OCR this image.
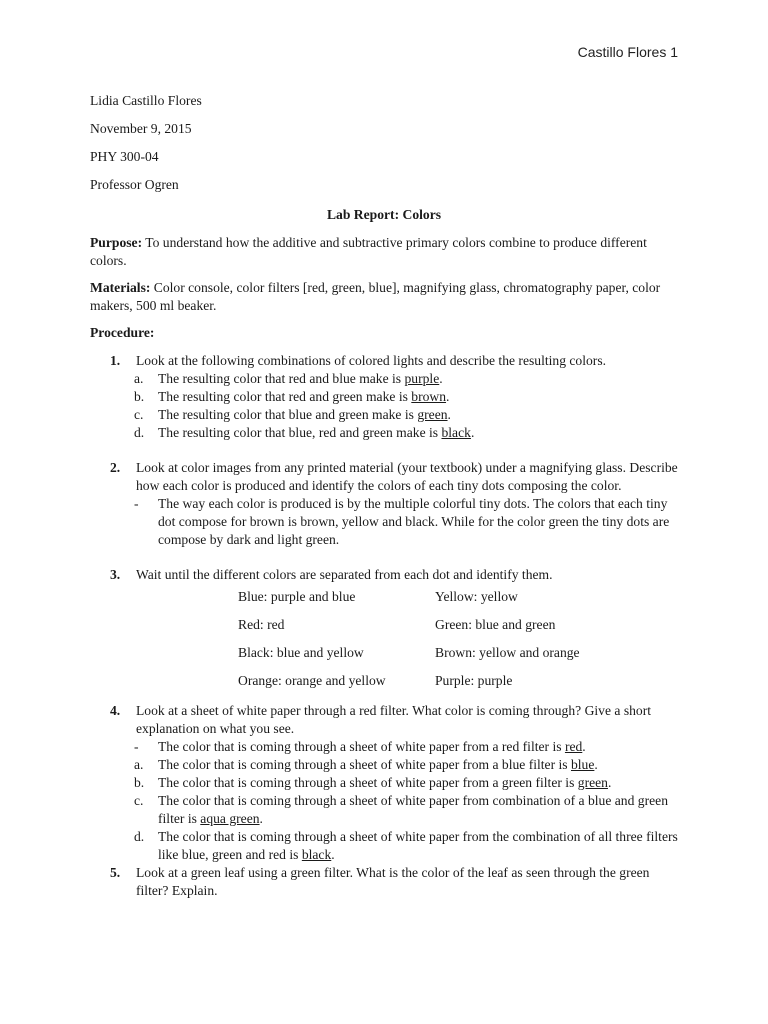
Castillo Flores 1

Lidia Castillo Flores

November 9, 2015

PHY 300-04

Professor Ogren

Lab Report: Colors

Purpose: To understand how the additive and subtractive primary colors combine to produce different colors.

Materials: Color console, color filters [red, green, blue], magnifying glass, chromatography paper, color makers, 500 ml beaker.

Procedure:

1. Look at the following combinations of colored lights and describe the resulting colors.
a. The resulting color that red and blue make is purple.
b. The resulting color that red and green make is brown.
c. The resulting color that blue and green make is green.
d. The resulting color that blue, red and green make is black.
2. Look at color images from any printed material (your textbook) under a magnifying glass. Describe how each color is produced and identify the colors of each tiny dots composing the color.
- The way each color is produced is by the multiple colorful tiny dots. The colors that each tiny dot compose for brown is brown, yellow and black. While for the color green the tiny dots are compose by dark and light green.
3. Wait until the different colors are separated from each dot and identify them.
Blue: purple and blue	Yellow: yellow
Red: red	Green: blue and green
Black: blue and yellow	Brown: yellow and orange
Orange: orange and yellow	Purple: purple
4. Look at a sheet of white paper through a red filter. What color is coming through? Give a short explanation on what you see.
- The color that is coming through a sheet of white paper from a red filter is red.
a. The color that is coming through a sheet of white paper from a blue filter is blue.
b. The color that is coming through a sheet of white paper from a green filter is green.
c. The color that is coming through a sheet of white paper from combination of a blue and green filter is aqua green.
d. The color that is coming through a sheet of white paper from the combination of all three filters like blue, green and red is black.
5. Look at a green leaf using a green filter. What is the color of the leaf as seen through the green filter? Explain.
